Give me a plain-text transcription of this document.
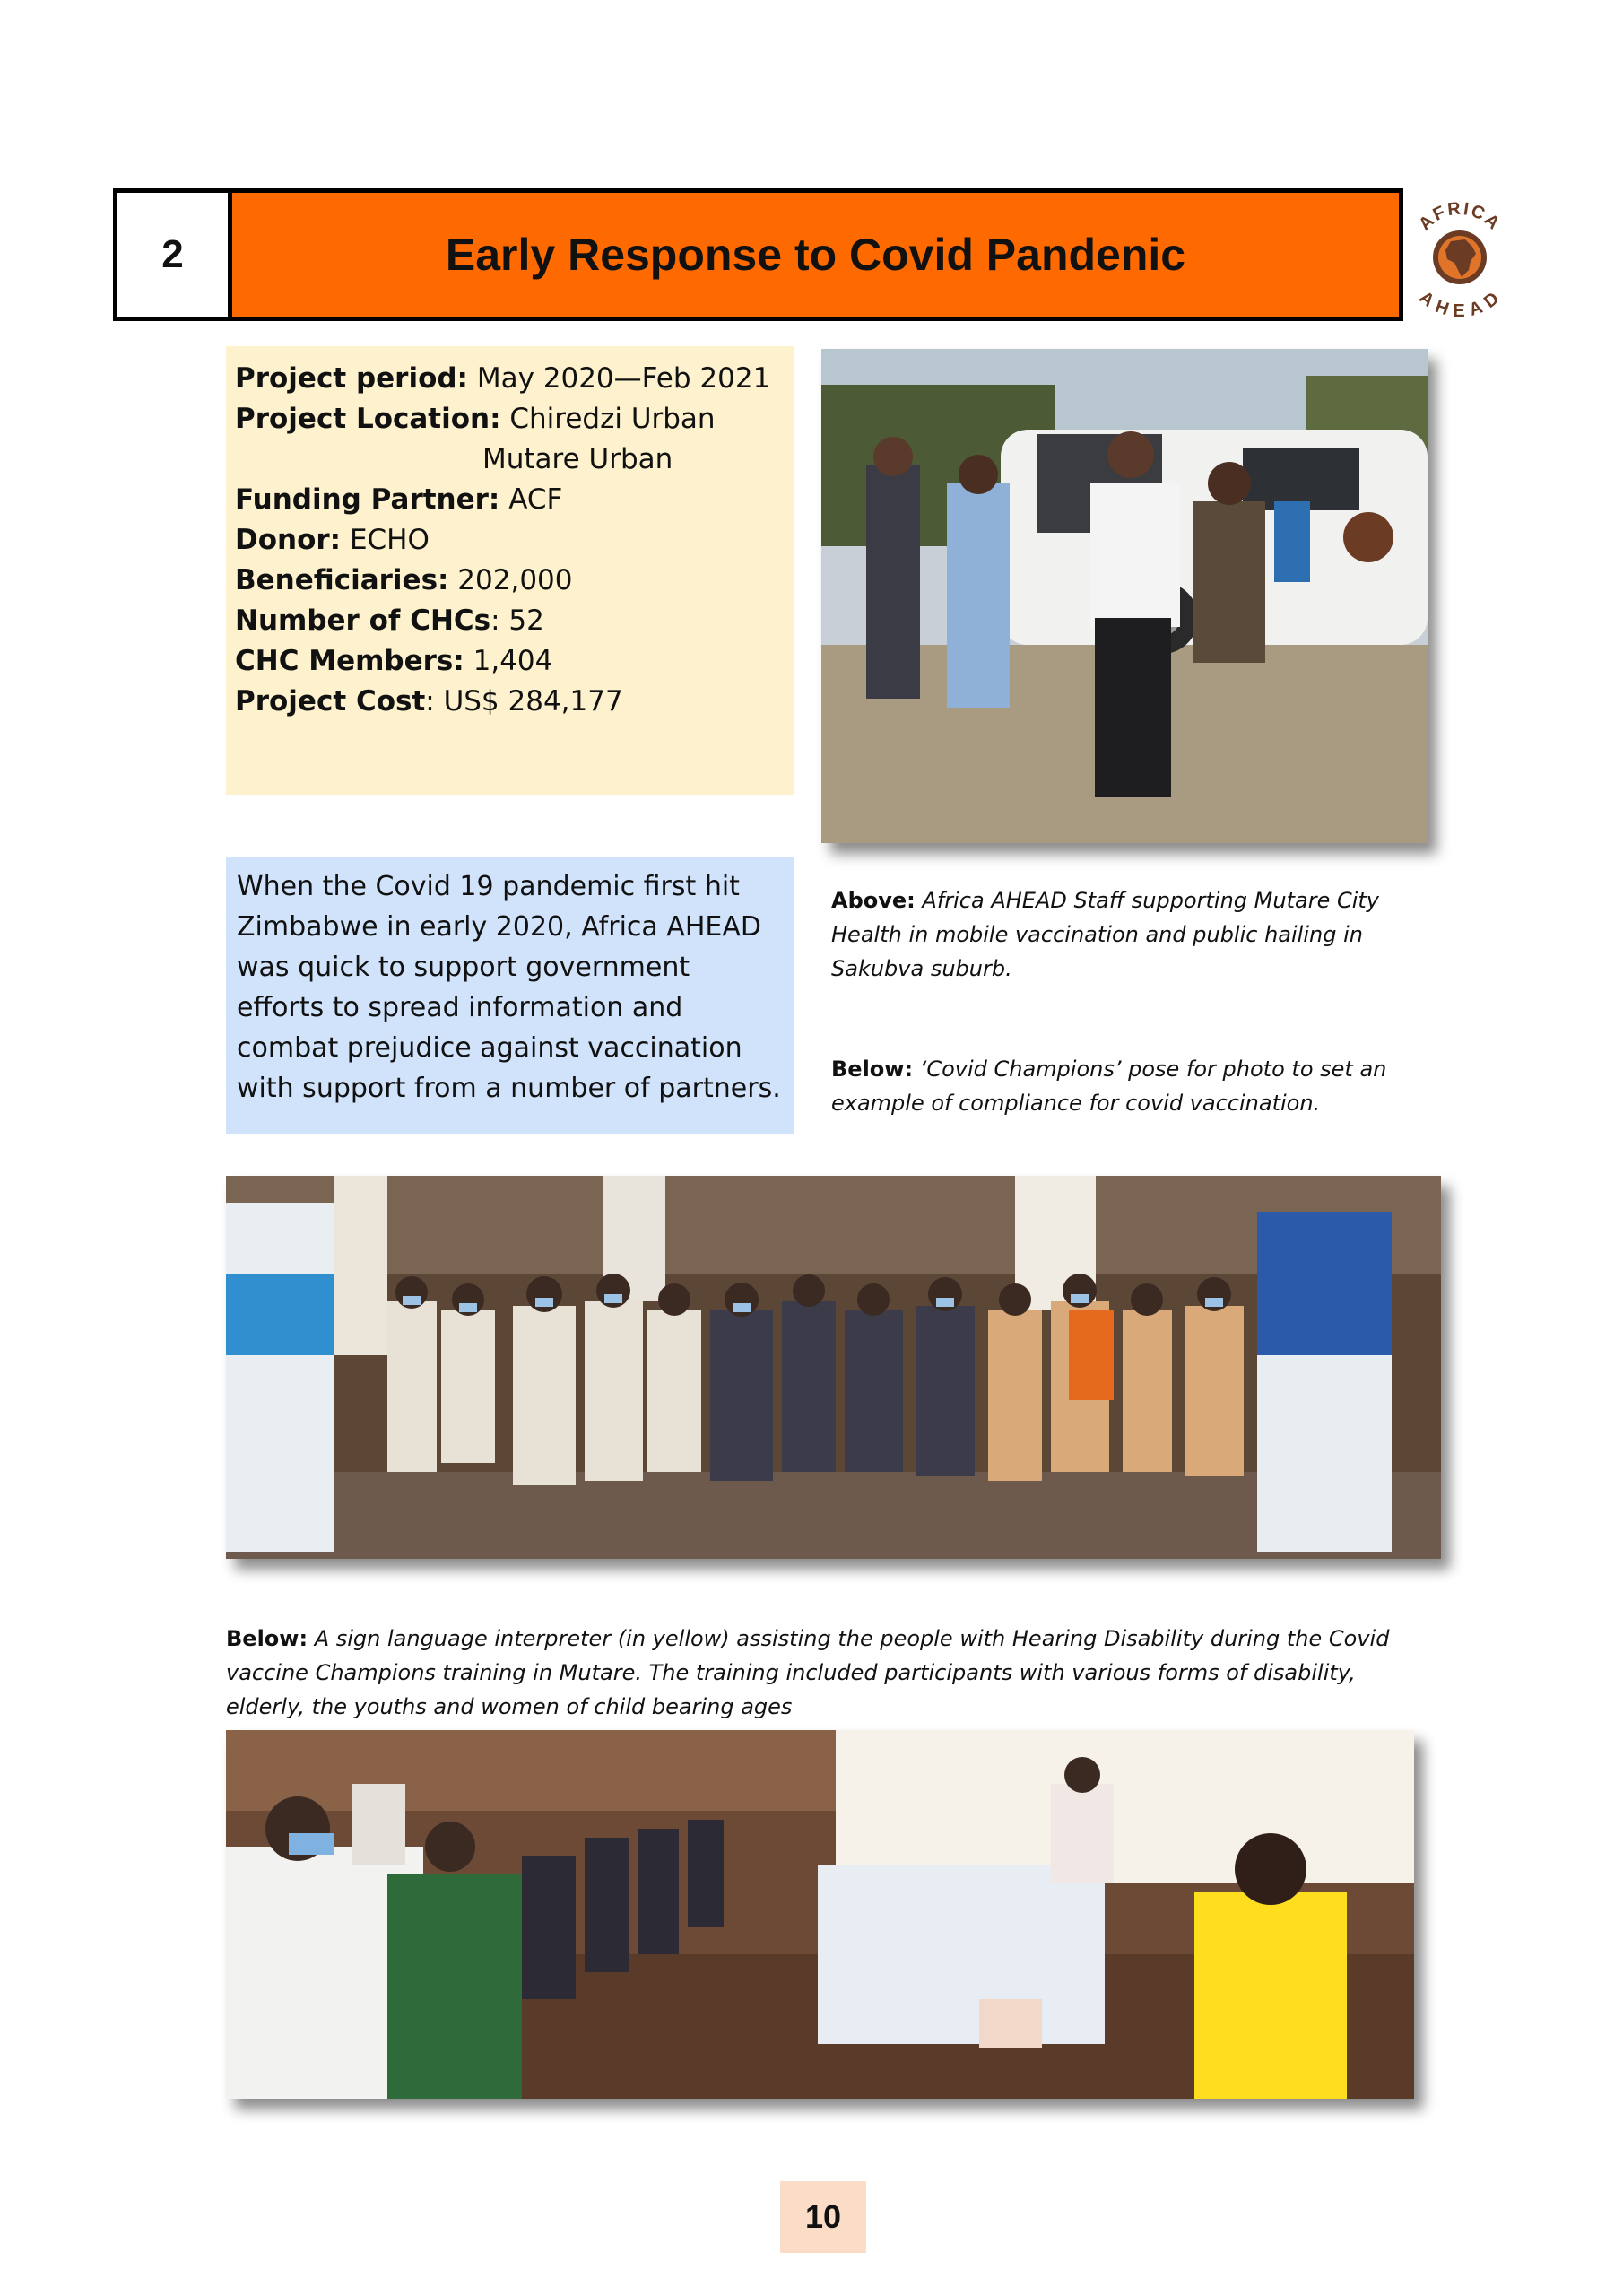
2	Early Response to Covid Pandenic
AFRICA
AHEAD
Project period: May 2020—Feb 2021
Project Location: Chiredzi Urban
Mutare Urban
Funding Partner: ACF
Donor: ECHO
Beneficiaries: 202,000
Number of CHCs: 52
CHC Members: 1,404
Project Cost: US$ 284,177
When the Covid 19 pandemic first hit Zimbabwe in early 2020, Africa AHEAD was quick to support government efforts to spread information and combat prejudice against vaccination with support from a number of partners.
Above: Africa AHEAD Staff supporting Mutare City Health in mobile vaccination and public hailing in Sakubva suburb.
Below: ‘Covid Champions’ pose for photo to set an example of compliance for covid vaccination.
Below: A sign language interpreter (in yellow) assisting the people with Hearing Disability during the Covid vaccine Champions training in Mutare. The training included participants with various forms of disability, elderly, the youths and women of child bearing ages
10
